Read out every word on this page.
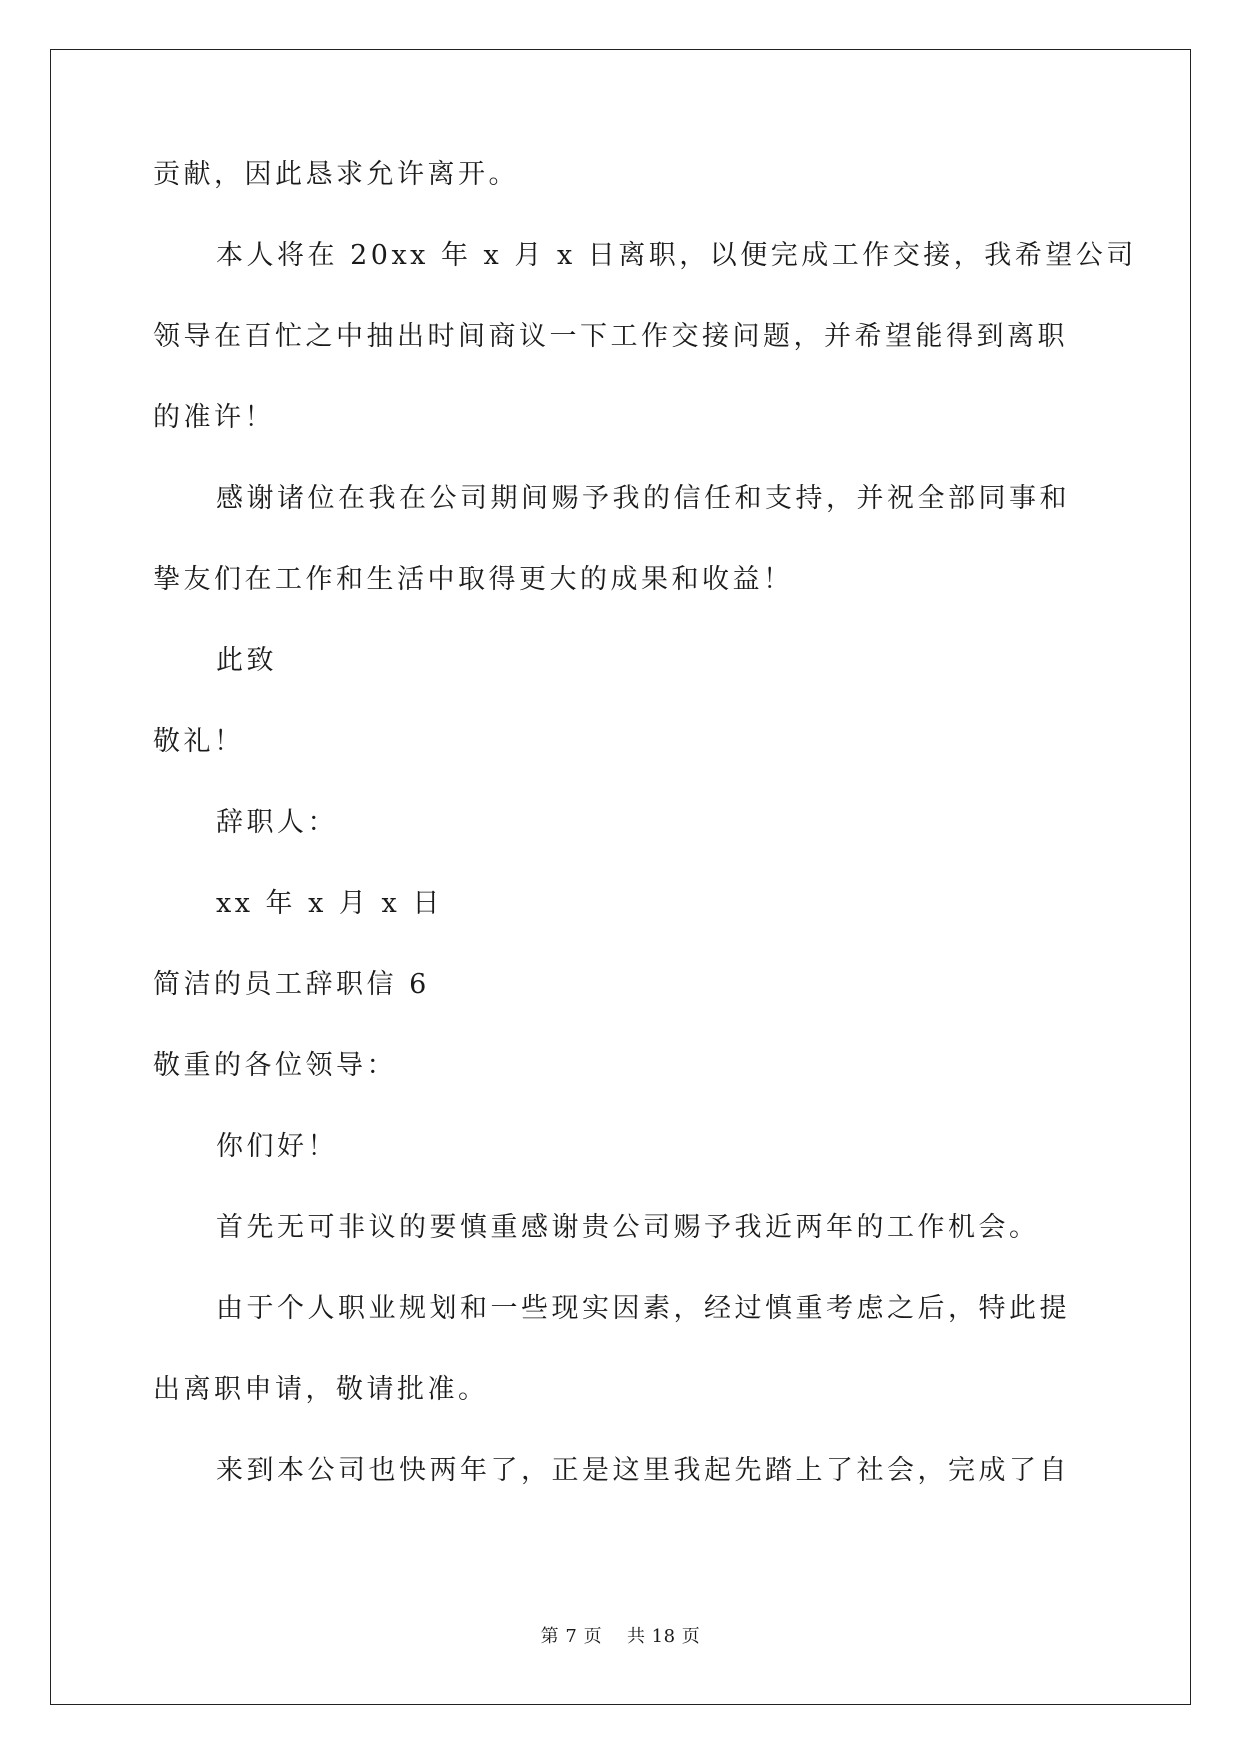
贡献，因此恳求允许离开。

本人将在 20xx 年 x 月 x 日离职，以便完成工作交接，我希望公司

领导在百忙之中抽出时间商议一下工作交接问题，并希望能得到离职

的准许！

感谢诸位在我在公司期间赐予我的信任和支持，并祝全部同事和

挚友们在工作和生活中取得更大的成果和收益！

此致

敬礼！

辞职人：

xx 年 x 月 x 日

简洁的员工辞职信 6

敬重的各位领导：

你们好！

首先无可非议的要慎重感谢贵公司赐予我近两年的工作机会。

由于个人职业规划和一些现实因素，经过慎重考虑之后，特此提

出离职申请，敬请批准。

来到本公司也快两年了，正是这里我起先踏上了社会，完成了自

第 7 页    共 18 页
